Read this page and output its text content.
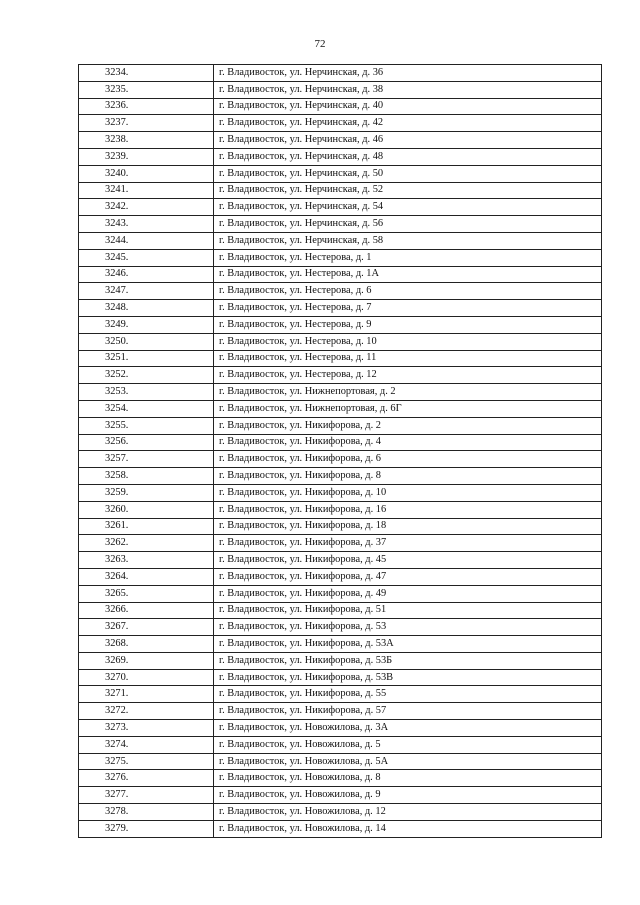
72
3234.	г. Владивосток, ул. Нерчинская, д. 36
3235.	г. Владивосток, ул. Нерчинская, д. 38
3236.	г. Владивосток, ул. Нерчинская, д. 40
3237.	г. Владивосток, ул. Нерчинская, д. 42
3238.	г. Владивосток, ул. Нерчинская, д. 46
3239.	г. Владивосток, ул. Нерчинская, д. 48
3240.	г. Владивосток, ул. Нерчинская, д. 50
3241.	г. Владивосток, ул. Нерчинская, д. 52
3242.	г. Владивосток, ул. Нерчинская, д. 54
3243.	г. Владивосток, ул. Нерчинская, д. 56
3244.	г. Владивосток, ул. Нерчинская, д. 58
3245.	г. Владивосток, ул. Нестерова, д. 1
3246.	г. Владивосток, ул. Нестерова, д. 1А
3247.	г. Владивосток, ул. Нестерова, д. 6
3248.	г. Владивосток, ул. Нестерова, д. 7
3249.	г. Владивосток, ул. Нестерова, д. 9
3250.	г. Владивосток, ул. Нестерова, д. 10
3251.	г. Владивосток, ул. Нестерова, д. 11
3252.	г. Владивосток, ул. Нестерова, д. 12
3253.	г. Владивосток, ул. Нижнепортовая, д. 2
3254.	г. Владивосток, ул. Нижнепортовая, д. 6Г
3255.	г. Владивосток, ул. Никифорова, д. 2
3256.	г. Владивосток, ул. Никифорова, д. 4
3257.	г. Владивосток, ул. Никифорова, д. 6
3258.	г. Владивосток, ул. Никифорова, д. 8
3259.	г. Владивосток, ул. Никифорова, д. 10
3260.	г. Владивосток, ул. Никифорова, д. 16
3261.	г. Владивосток, ул. Никифорова, д. 18
3262.	г. Владивосток, ул. Никифорова, д. 37
3263.	г. Владивосток, ул. Никифорова, д. 45
3264.	г. Владивосток, ул. Никифорова, д. 47
3265.	г. Владивосток, ул. Никифорова, д. 49
3266.	г. Владивосток, ул. Никифорова, д. 51
3267.	г. Владивосток, ул. Никифорова, д. 53
3268.	г. Владивосток, ул. Никифорова, д. 53А
3269.	г. Владивосток, ул. Никифорова, д. 53Б
3270.	г. Владивосток, ул. Никифорова, д. 53В
3271.	г. Владивосток, ул. Никифорова, д. 55
3272.	г. Владивосток, ул. Никифорова, д. 57
3273.	г. Владивосток, ул. Новожилова, д. 3А
3274.	г. Владивосток, ул. Новожилова, д. 5
3275.	г. Владивосток, ул. Новожилова, д. 5А
3276.	г. Владивосток, ул. Новожилова, д. 8
3277.	г. Владивосток, ул. Новожилова, д. 9
3278.	г. Владивосток, ул. Новожилова, д. 12
3279.	г. Владивосток, ул. Новожилова, д. 14
